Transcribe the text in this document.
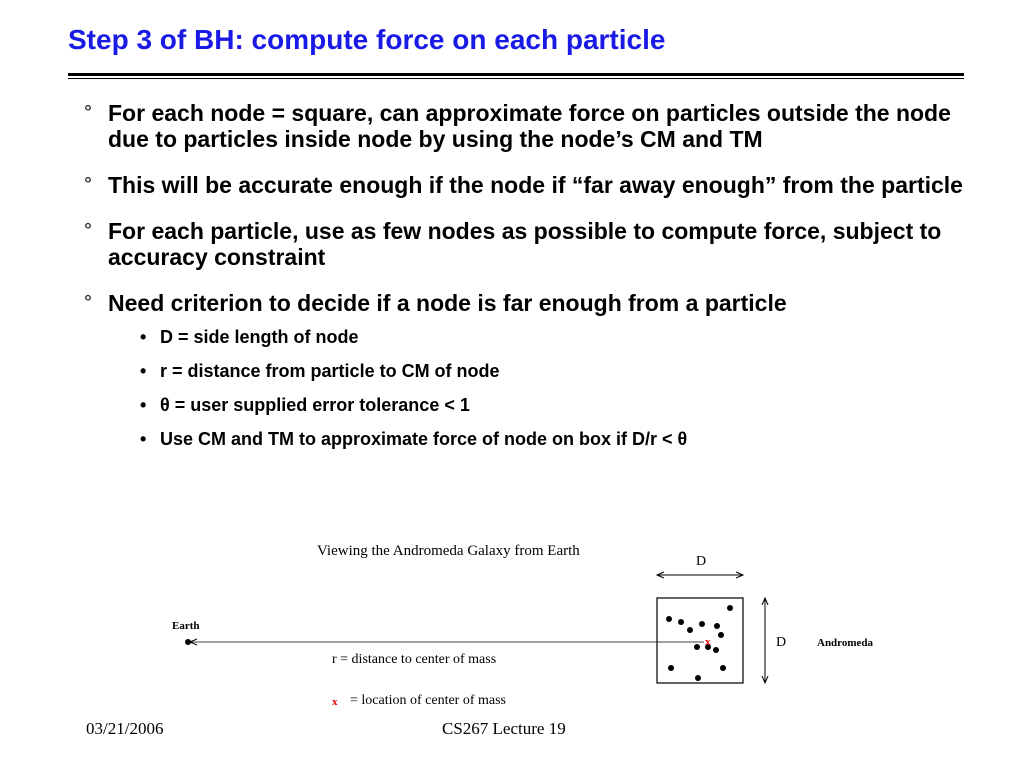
Step 3 of BH: compute force on each particle
° For each node = square, can approximate force on particles outside the node due to particles inside node by using the node’s CM and TM
° This will be accurate enough if the node if “far away enough” from the particle
° For each particle, use as few nodes as possible to compute force, subject to accuracy constraint
° Need criterion to decide if a node is far enough from a particle
• D = side length of node
• r = distance from particle to CM of node
• θ = user supplied error tolerance < 1
• Use CM and TM to approximate force of node on box if D/r < θ
Viewing the Andromeda Galaxy from Earth
D
Earth
r = distance to center of mass
D	Andromeda
x
x = location of center of mass
03/21/2006	CS267 Lecture 19
